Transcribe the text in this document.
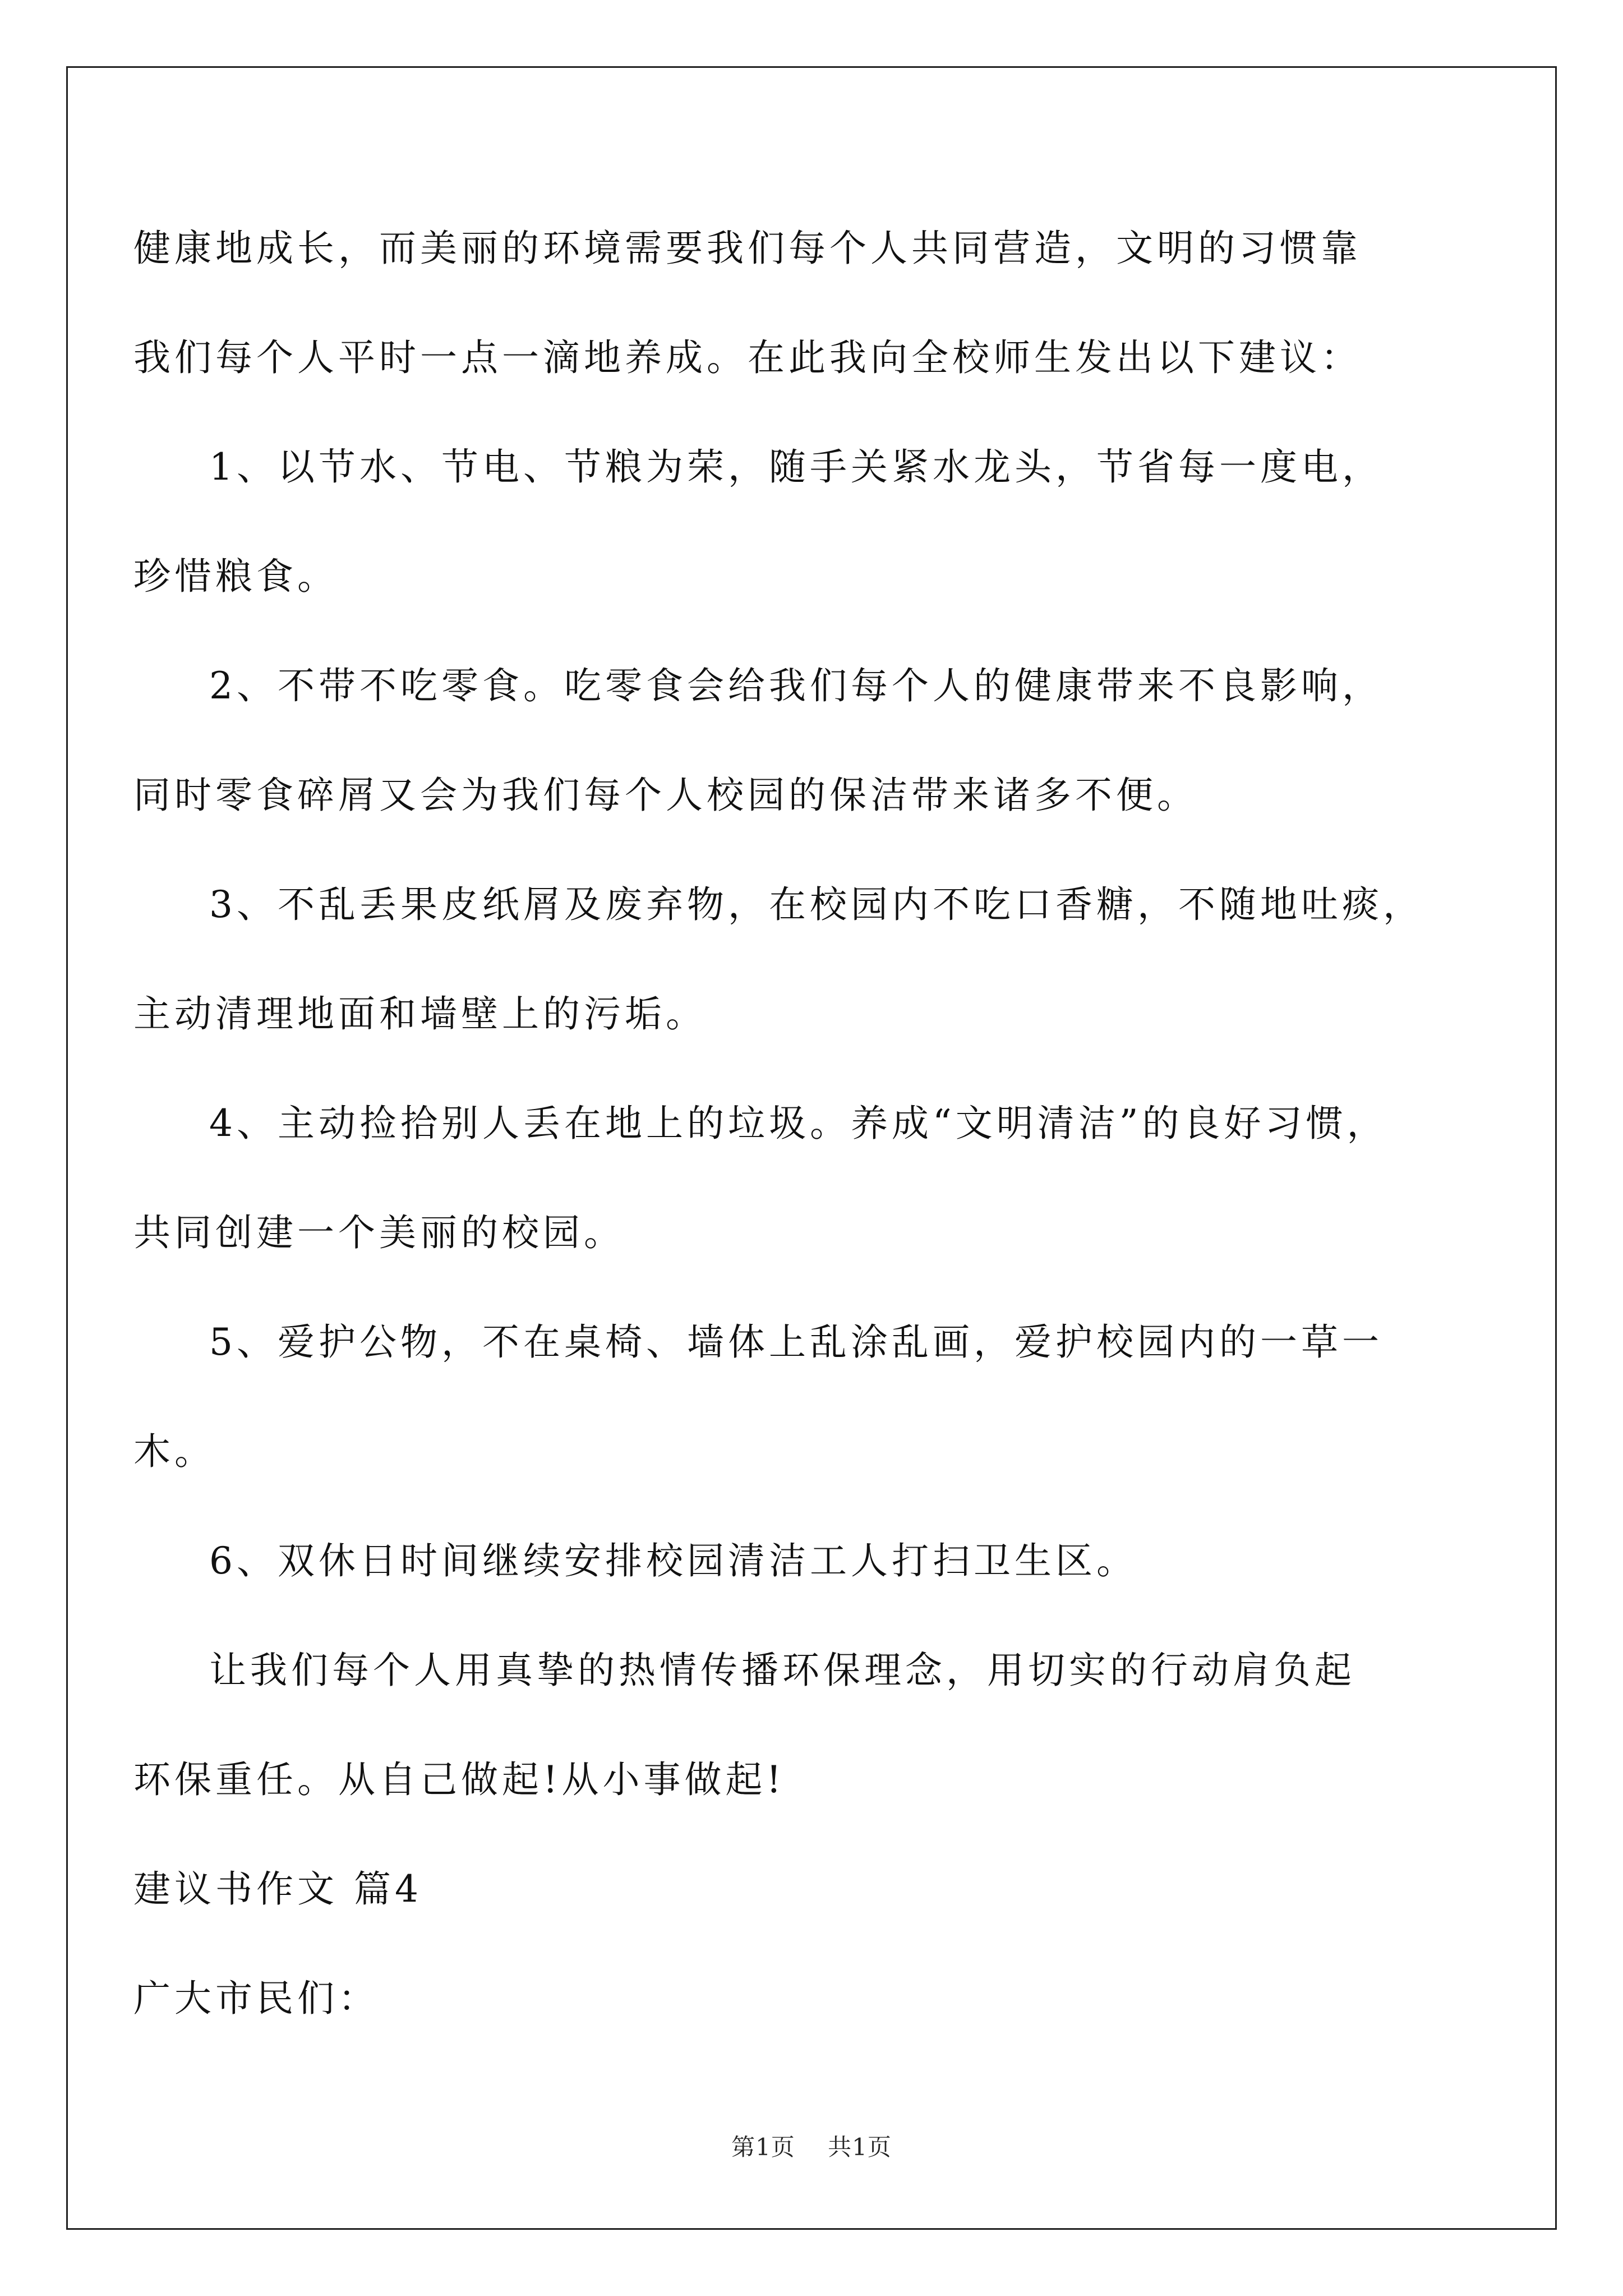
健康地成长，而美丽的环境需要我们每个人共同营造，文明的习惯靠
我们每个人平时一点一滴地养成。在此我向全校师生发出以下建议：
1、以节水、节电、节粮为荣，随手关紧水龙头，节省每一度电，
珍惜粮食。
2、不带不吃零食。吃零食会给我们每个人的健康带来不良影响，
同时零食碎屑又会为我们每个人校园的保洁带来诸多不便。
3、不乱丢果皮纸屑及废弃物，在校园内不吃口香糖，不随地吐痰，
主动清理地面和墙壁上的污垢。
4、主动捡拾别人丢在地上的垃圾。养成“文明清洁”的良好习惯，
共同创建一个美丽的校园。
5、爱护公物，不在桌椅、墙体上乱涂乱画，爱护校园内的一草一
木。
6、双休日时间继续安排校园清洁工人打扫卫生区。
让我们每个人用真挚的热情传播环保理念，用切实的行动肩负起
环保重任。从自己做起!从小事做起!
建议书作文 篇4
广大市民们：
第1页 共1页
